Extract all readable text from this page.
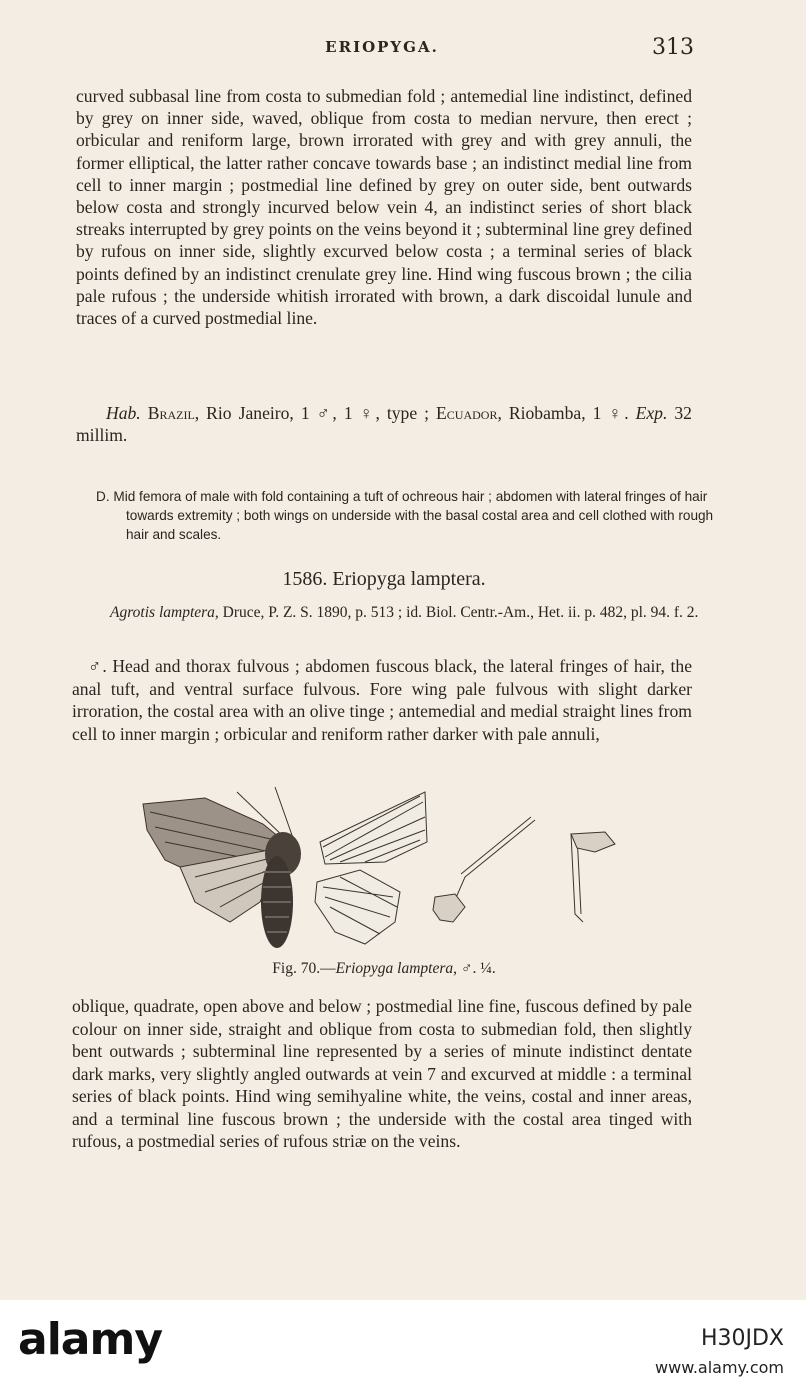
ERIOPYGA.	313
curved subbasal line from costa to submedian fold ; antemedial line indistinct, defined by grey on inner side, waved, oblique from costa to median nervure, then erect ; orbicular and reniform large, brown irrorated with grey and with grey annuli, the former elliptical, the latter rather concave towards base ; an indistinct medial line from cell to inner margin ; postmedial line defined by grey on outer side, bent outwards below costa and strongly incurved below vein 4, an indistinct series of short black streaks interrupted by grey points on the veins beyond it ; subterminal line grey defined by rufous on inner side, slightly excurved below costa ; a terminal series of black points defined by an indistinct crenulate grey line. Hind wing fuscous brown ; the cilia pale rufous ; the underside whitish irrorated with brown, a dark discoidal lunule and traces of a curved postmedial line.
Hab. Brazil, Rio Janeiro, 1 ♂, 1 ♀, type ; Ecuador, Riobamba, 1 ♀. Exp. 32 millim.
D. Mid femora of male with fold containing a tuft of ochreous hair ; abdomen with lateral fringes of hair towards extremity ; both wings on underside with the basal costal area and cell clothed with rough hair and scales.
1586. Eriopyga lamptera.
Agrotis lamptera, Druce, P. Z. S. 1890, p. 513 ; id. Biol. Centr.-Am., Het. ii. p. 482, pl. 94. f. 2.
♂. Head and thorax fulvous ; abdomen fuscous black, the lateral fringes of hair, the anal tuft, and ventral surface fulvous. Fore wing pale fulvous with slight darker irroration, the costal area with an olive tinge ; antemedial and medial straight lines from cell to inner margin ; orbicular and reniform rather darker with pale annuli,
Fig. 70.—Eriopyga lamptera, ♂. ¼.
oblique, quadrate, open above and below ; postmedial line fine, fuscous defined by pale colour on inner side, straight and oblique from costa to submedian fold, then slightly bent outwards ; subterminal line represented by a series of minute indistinct dentate dark marks, very slightly angled outwards at vein 7 and excurved at middle : a terminal series of black points. Hind wing semihyaline white, the veins, costal and inner areas, and a terminal line fuscous brown ; the underside with the costal area tinged with rufous, a postmedial series of rufous striæ on the veins.
alamy	H30JDX
www.alamy.com
